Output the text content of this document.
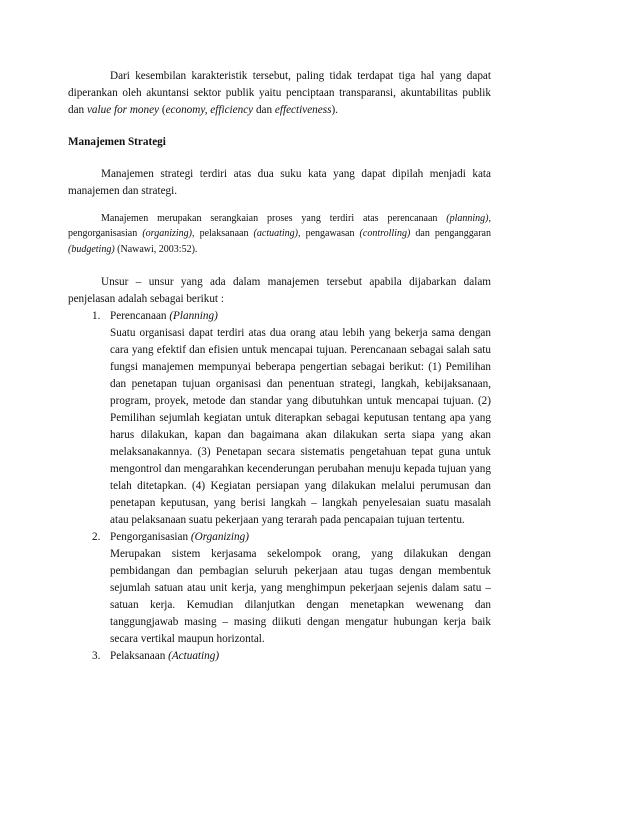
Dari kesembilan karakteristik tersebut, paling tidak terdapat tiga hal yang dapat diperankan oleh akuntansi sektor publik yaitu penciptaan transparansi, akuntabilitas publik dan value for money (economy, efficiency dan effectiveness).

Manajemen Strategi

Manajemen strategi terdiri atas dua suku kata yang dapat dipilah menjadi kata manajemen dan strategi.

Manajemen merupakan serangkaian proses yang terdiri atas perencanaan (planning), pengorganisasian (organizing), pelaksanaan (actuating), pengawasan (controlling) dan penganggaran (budgeting) (Nawawi, 2003:52).

Unsur – unsur yang ada dalam manajemen tersebut apabila dijabarkan dalam penjelasan adalah sebagai berikut :

1. Perencanaan (Planning)
Suatu organisasi dapat terdiri atas dua orang atau lebih yang bekerja sama dengan cara yang efektif dan efisien untuk mencapai tujuan. Perencanaan sebagai salah satu fungsi manajemen mempunyai beberapa pengertian sebagai berikut: (1) Pemilihan dan penetapan tujuan organisasi dan penentuan strategi, langkah, kebijaksanaan, program, proyek, metode dan standar yang dibutuhkan untuk mencapai tujuan. (2) Pemilihan sejumlah kegiatan untuk diterapkan sebagai keputusan tentang apa yang harus dilakukan, kapan dan bagaimana akan dilakukan serta siapa yang akan melaksanakannya. (3) Penetapan secara sistematis pengetahuan tepat guna untuk mengontrol dan mengarahkan kecenderungan perubahan menuju kepada tujuan yang telah ditetapkan. (4) Kegiatan persiapan yang dilakukan melalui perumusan dan penetapan keputusan, yang berisi langkah – langkah penyelesaian suatu masalah atau pelaksanaan suatu pekerjaan yang terarah pada pencapaian tujuan tertentu.
2. Pengorganisasian (Organizing)
Merupakan sistem kerjasama sekelompok orang, yang dilakukan dengan pembidangan dan pembagian seluruh pekerjaan atau tugas dengan membentuk sejumlah satuan atau unit kerja, yang menghimpun pekerjaan sejenis dalam satu – satuan kerja. Kemudian dilanjutkan dengan menetapkan wewenang dan tanggungjawab masing – masing diikuti dengan mengatur hubungan kerja baik secara vertikal maupun horizontal.
3. Pelaksanaan (Actuating)
